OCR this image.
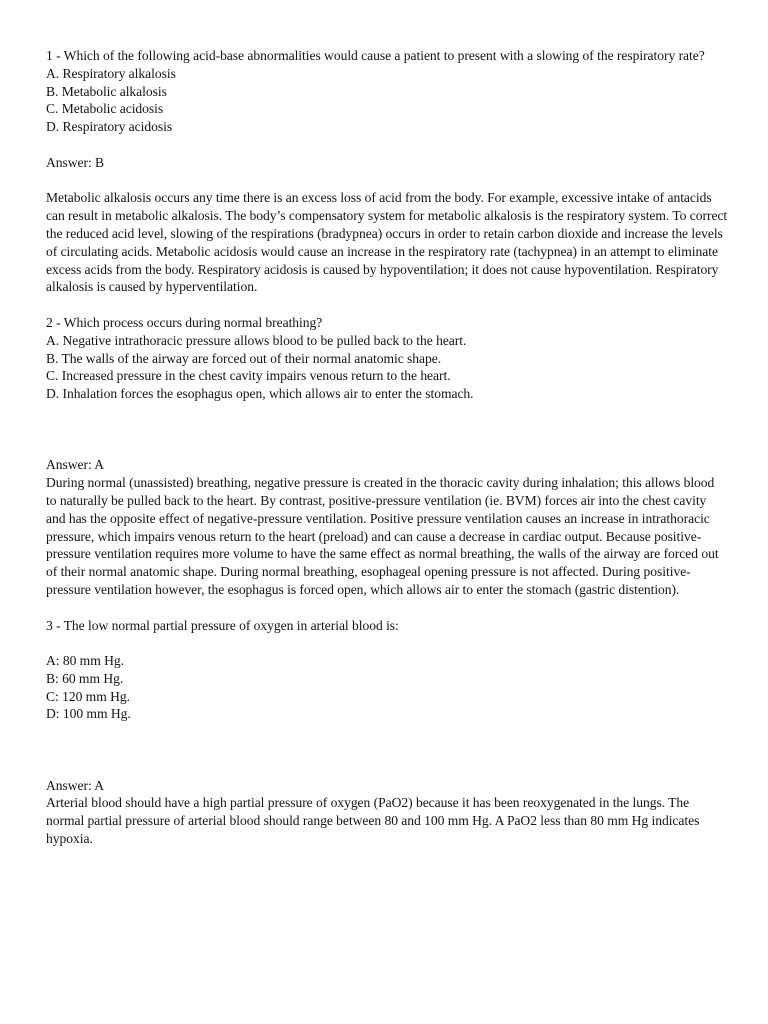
1 - Which of the following acid-base abnormalities would cause a patient to present with a slowing of the respiratory rate?

A. Respiratory alkalosis

B. Metabolic alkalosis

C. Metabolic acidosis

D. Respiratory acidosis

Answer: B

Metabolic alkalosis occurs any time there is an excess loss of acid from the body. For example, excessive intake of antacids can result in metabolic alkalosis. The body’s compensatory system for metabolic alkalosis is the respiratory system. To correct the reduced acid level, slowing of the respirations (bradypnea) occurs in order to retain carbon dioxide and increase the levels of circulating acids. Metabolic acidosis would cause an increase in the respiratory rate (tachypnea) in an attempt to eliminate excess acids from the body. Respiratory acidosis is caused by hypoventilation; it does not cause hypoventilation. Respiratory alkalosis is caused by hyperventilation.

2 - Which process occurs during normal breathing?

A. Negative intrathoracic pressure allows blood to be pulled back to the heart.

B. The walls of the airway are forced out of their normal anatomic shape.

C. Increased pressure in the chest cavity impairs venous return to the heart.

D. Inhalation forces the esophagus open, which allows air to enter the stomach.

Answer: A

During normal (unassisted) breathing, negative pressure is created in the thoracic cavity during inhalation; this allows blood to naturally be pulled back to the heart. By contrast, positive-pressure ventilation (ie. BVM) forces air into the chest cavity and has the opposite effect of negative-pressure ventilation. Positive pressure ventilation causes an increase in intrathoracic pressure, which impairs venous return to the heart (preload) and can cause a decrease in cardiac output. Because positive-pressure ventilation requires more volume to have the same effect as normal breathing, the walls of the airway are forced out of their normal anatomic shape. During normal breathing, esophageal opening pressure is not affected. During positive-pressure ventilation however, the esophagus is forced open, which allows air to enter the stomach (gastric distention).

3 - The low normal partial pressure of oxygen in arterial blood is:

A: 80 mm Hg.

B: 60 mm Hg.

C: 120 mm Hg.

D: 100 mm Hg.

Answer: A

Arterial blood should have a high partial pressure of oxygen (PaO2) because it has been reoxygenated in the lungs. The normal partial pressure of arterial blood should range between 80 and 100 mm Hg. A PaO2 less than 80 mm Hg indicates hypoxia.
